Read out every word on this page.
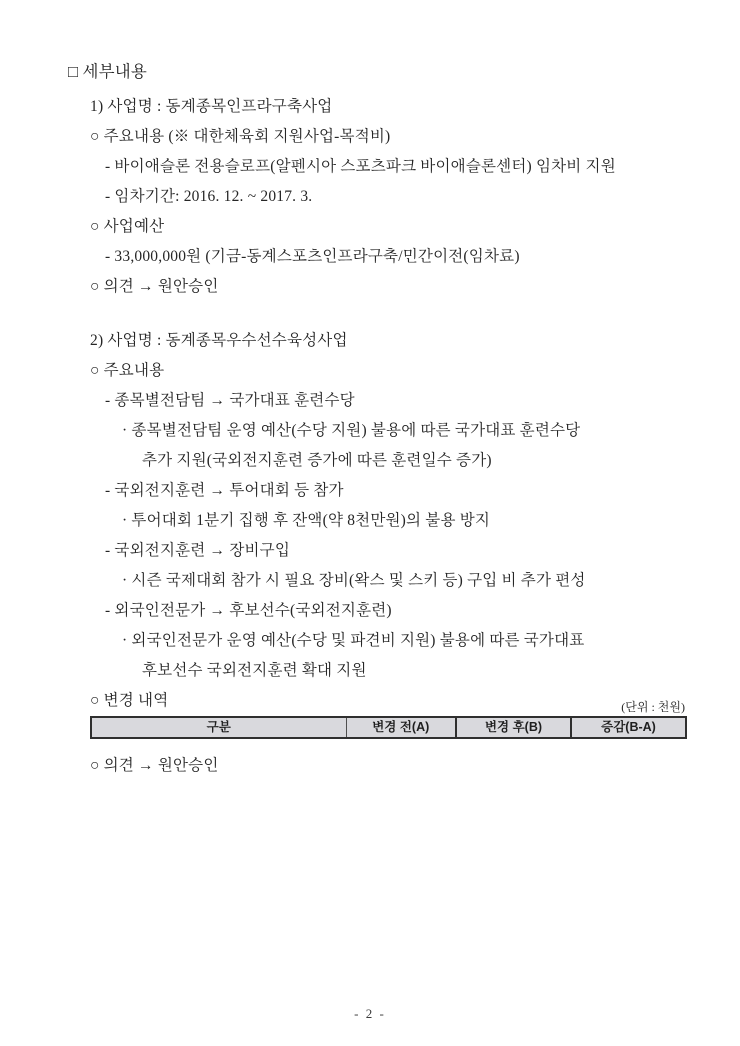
□ 세부내용
1) 사업명 : 동계종목인프라구축사업
○ 주요내용 (※ 대한체육회 지원사업-목적비)
- 바이애슬론 전용슬로프(알펜시아 스포츠파크 바이애슬론센터) 임차비 지원
- 임차기간: 2016. 12. ~ 2017. 3.
○ 사업예산
- 33,000,000원 (기금-동계스포츠인프라구축/민간이전(임차료)
○ 의견 → 원안승인
2) 사업명 : 동계종목우수선수육성사업
○ 주요내용
- 종목별전담팀 → 국가대표 훈련수당
· 종목별전담팀 운영 예산(수당 지원) 불용에 따른 국가대표 훈련수당
추가 지원(국외전지훈련 증가에 따른 훈련일수 증가)
- 국외전지훈련 → 투어대회 등 참가
· 투어대회 1분기 집행 후 잔액(약 8천만원)의 불용 방지
- 국외전지훈련 → 장비구입
· 시즌 국제대회 참가 시 필요 장비(왁스 및 스키 등) 구입 비 추가 편성
- 외국인전문가 → 후보선수(국외전지훈련)
· 외국인전문가 운영 예산(수당 및 파견비 지원) 불용에 따른 국가대표
후보선수 국외전지훈련 확대 지원
○ 변경 내역	(단위 : 천원)
구분	변경 전(A)	변경 후(B)	증감(B-A)
○ 의견 → 원안승인
- 2 -
